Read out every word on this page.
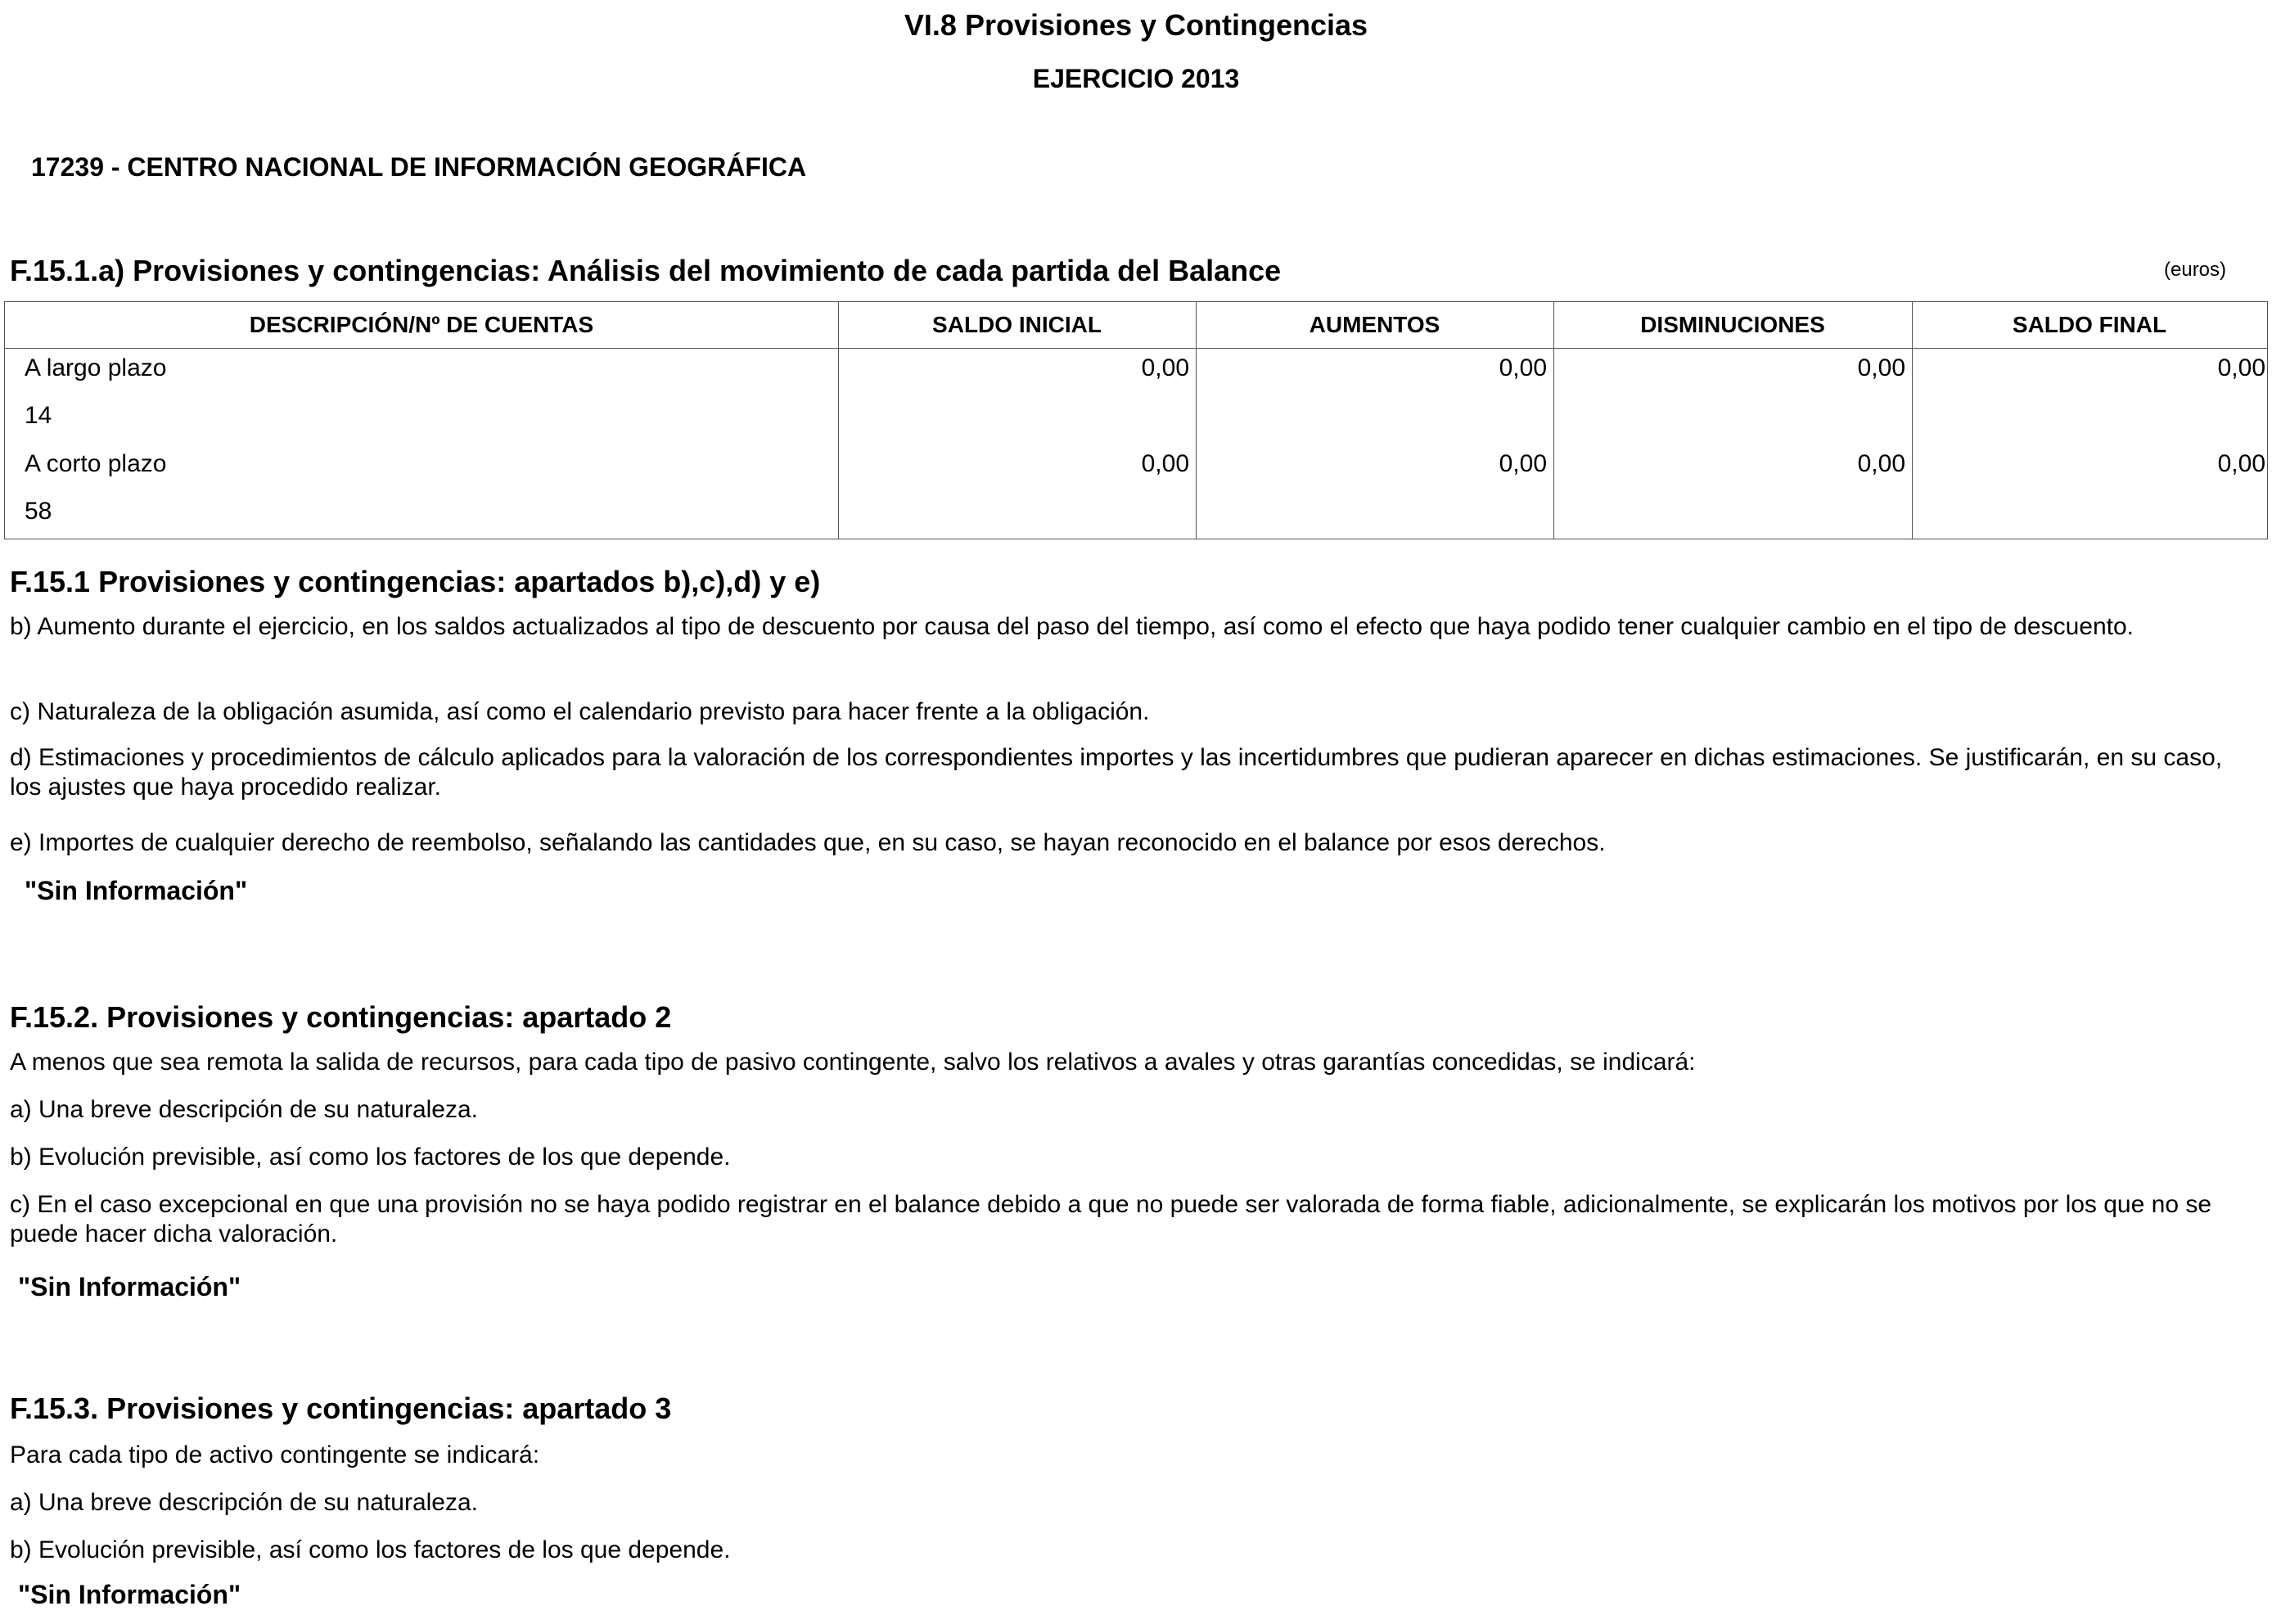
VI.8 Provisiones y Contingencias
EJERCICIO 2013
17239 - CENTRO NACIONAL DE INFORMACIÓN GEOGRÁFICA
F.15.1.a) Provisiones y contingencias: Análisis del movimiento de cada partida del Balance	(euros)
DESCRIPCIÓN/Nº DE CUENTAS	SALDO INICIAL	AUMENTOS	DISMINUCIONES	SALDO FINAL
A largo plazo	0,00	0,00	0,00	0,00
14
A corto plazo	0,00	0,00	0,00	0,00
58
F.15.1 Provisiones y contingencias: apartados b),c),d) y e)
b) Aumento durante el ejercicio, en los saldos actualizados al tipo de descuento por causa del paso del tiempo, así como el efecto que haya podido tener cualquier cambio en el tipo de descuento.
c) Naturaleza de la obligación asumida, así como el calendario previsto para hacer frente a la obligación.
d) Estimaciones y procedimientos de cálculo aplicados para la valoración de los correspondientes importes y las incertidumbres que pudieran aparecer en dichas estimaciones. Se justificarán, en su caso, los ajustes que haya procedido realizar.
e) Importes de cualquier derecho de reembolso, señalando las cantidades que, en su caso, se hayan reconocido en el balance por esos derechos.
"Sin Información"
F.15.2. Provisiones y contingencias: apartado 2
A menos que sea remota la salida de recursos, para cada tipo de pasivo contingente, salvo los relativos a avales y otras garantías concedidas, se indicará:
a) Una breve descripción de su naturaleza.
b) Evolución previsible, así como los factores de los que depende.
c) En el caso excepcional en que una provisión no se haya podido registrar en el balance debido a que no puede ser valorada de forma fiable, adicionalmente, se explicarán los motivos por los que no se puede hacer dicha valoración.
"Sin Información"
F.15.3. Provisiones y contingencias: apartado 3
Para cada tipo de activo contingente se indicará:
a) Una breve descripción de su naturaleza.
b) Evolución previsible, así como los factores de los que depende.
"Sin Información"
